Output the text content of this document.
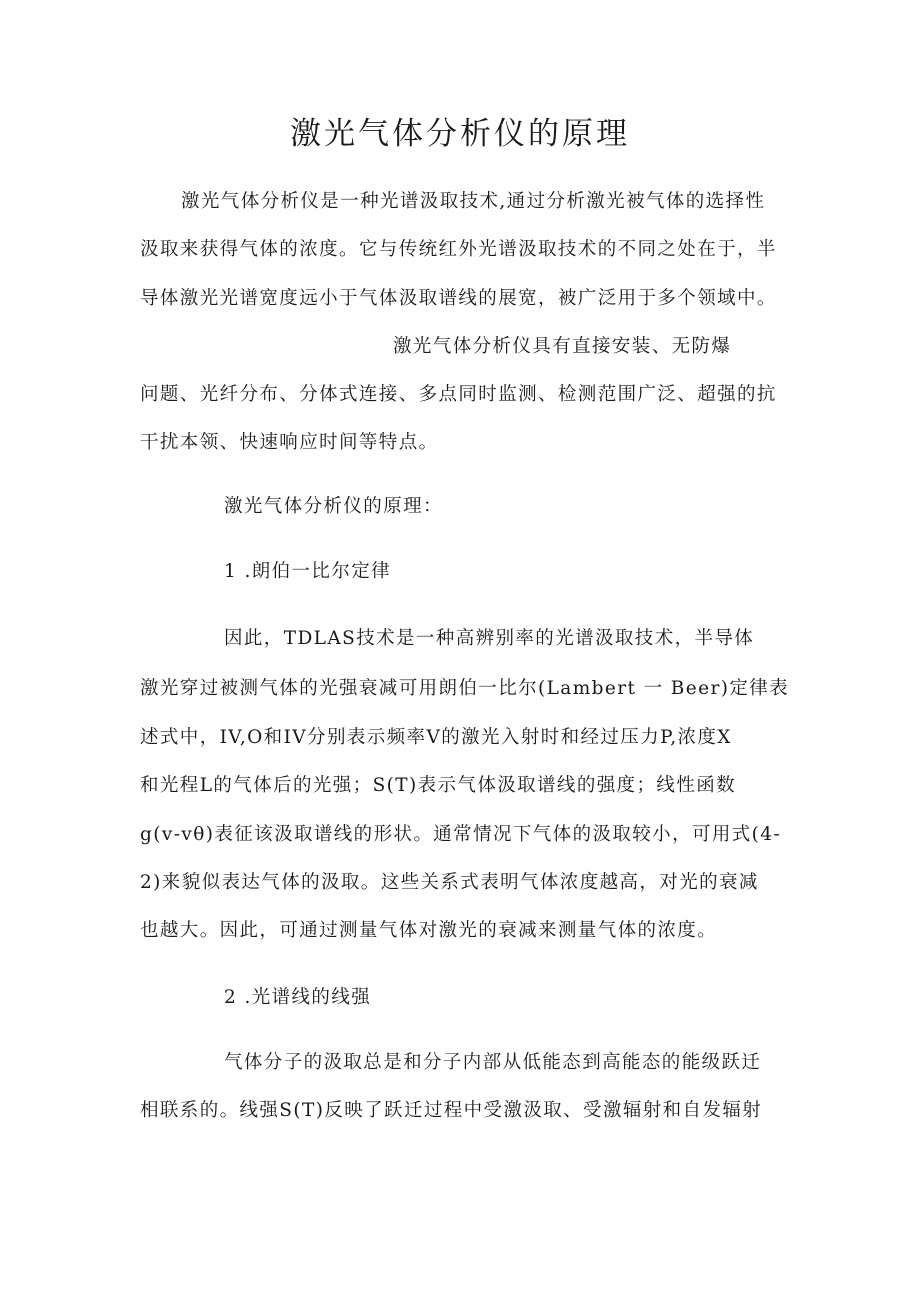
激光气体分析仪的原理

激光气体分析仪是一种光谱汲取技术,通过分析激光被气体的选择性

汲取来获得气体的浓度。它与传统红外光谱汲取技术的不同之处在于，半

导体激光光谱宽度远小于气体汲取谱线的展宽，被广泛用于多个领域中。

激光气体分析仪具有直接安装、无防爆

问题、光纤分布、分体式连接、多点同时监测、检测范围广泛、超强的抗

干扰本领、快速响应时间等特点。

激光气体分析仪的原理：

1 .朗伯一比尔定律

因此，TDLAS技术是一种高辨别率的光谱汲取技术，半导体

激光穿过被测气体的光强衰减可用朗伯一比尔(Lambert 一 Beer)定律表

述式中，IV,O和IV分别表示频率V的激光入射时和经过压力P,浓度X

和光程L的气体后的光强；S(T)表示气体汲取谱线的强度；线性函数

g(v-vθ)表征该汲取谱线的形状。通常情况下气体的汲取较小，可用式(4-

2)来貌似表达气体的汲取。这些关系式表明气体浓度越高，对光的衰减

也越大。因此，可通过测量气体对激光的衰减来测量气体的浓度。

2 .光谱线的线强

气体分子的汲取总是和分子内部从低能态到高能态的能级跃迁

相联系的。线强S(T)反映了跃迁过程中受激汲取、受激辐射和自发辐射
